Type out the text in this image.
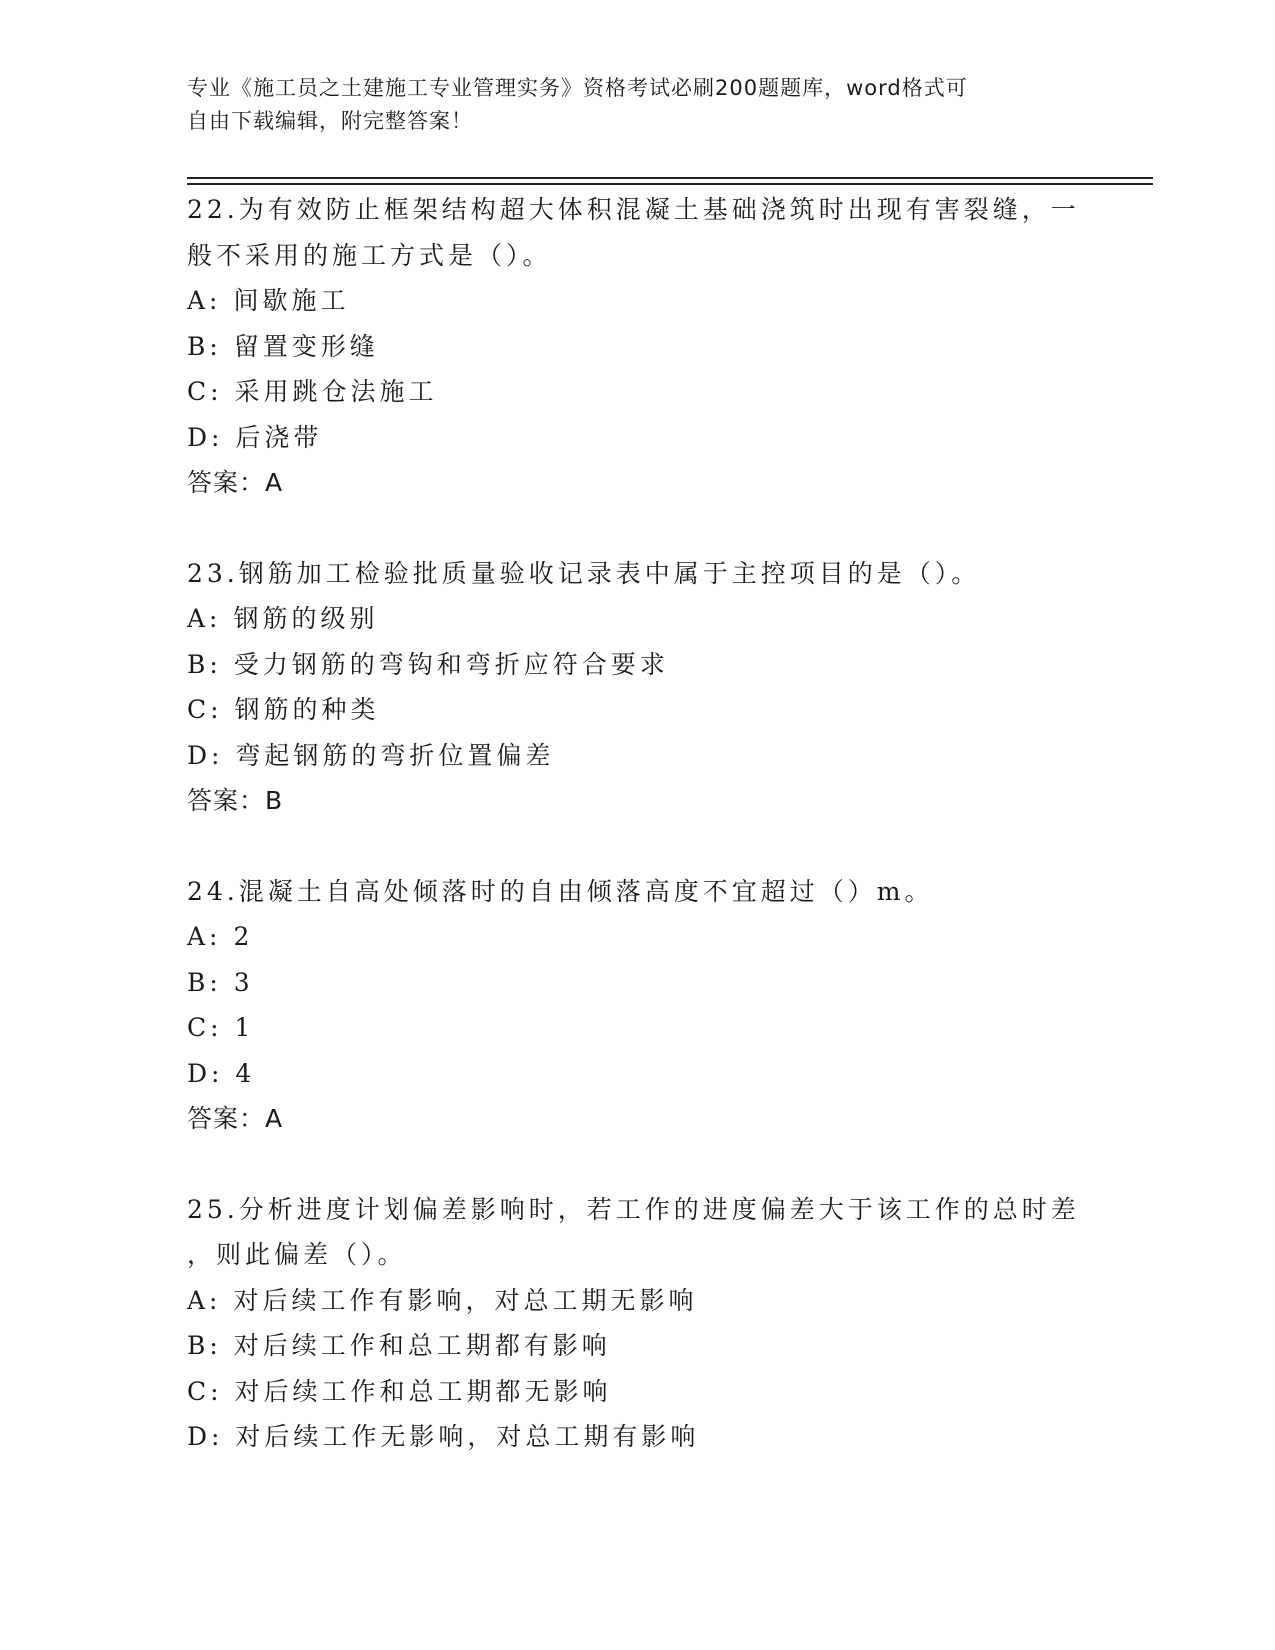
专业《施工员之土建施工专业管理实务》资格考试必刷200题题库，word格式可
自由下载编辑，附完整答案！
22.为有效防止框架结构超大体积混凝土基础浇筑时出现有害裂缝，一
般不采用的施工方式是（）。
A: 间歇施工
B: 留置变形缝
C: 采用跳仓法施工
D: 后浇带
答案：A
23.钢筋加工检验批质量验收记录表中属于主控项目的是（）。
A: 钢筋的级别
B: 受力钢筋的弯钩和弯折应符合要求
C: 钢筋的种类
D: 弯起钢筋的弯折位置偏差
答案：B
24.混凝土自高处倾落时的自由倾落高度不宜超过（）m。
A: 2
B: 3
C: 1
D: 4
答案：A
25.分析进度计划偏差影响时，若工作的进度偏差大于该工作的总时差
，则此偏差（）。
A: 对后续工作有影响，对总工期无影响
B: 对后续工作和总工期都有影响
C: 对后续工作和总工期都无影响
D: 对后续工作无影响，对总工期有影响
